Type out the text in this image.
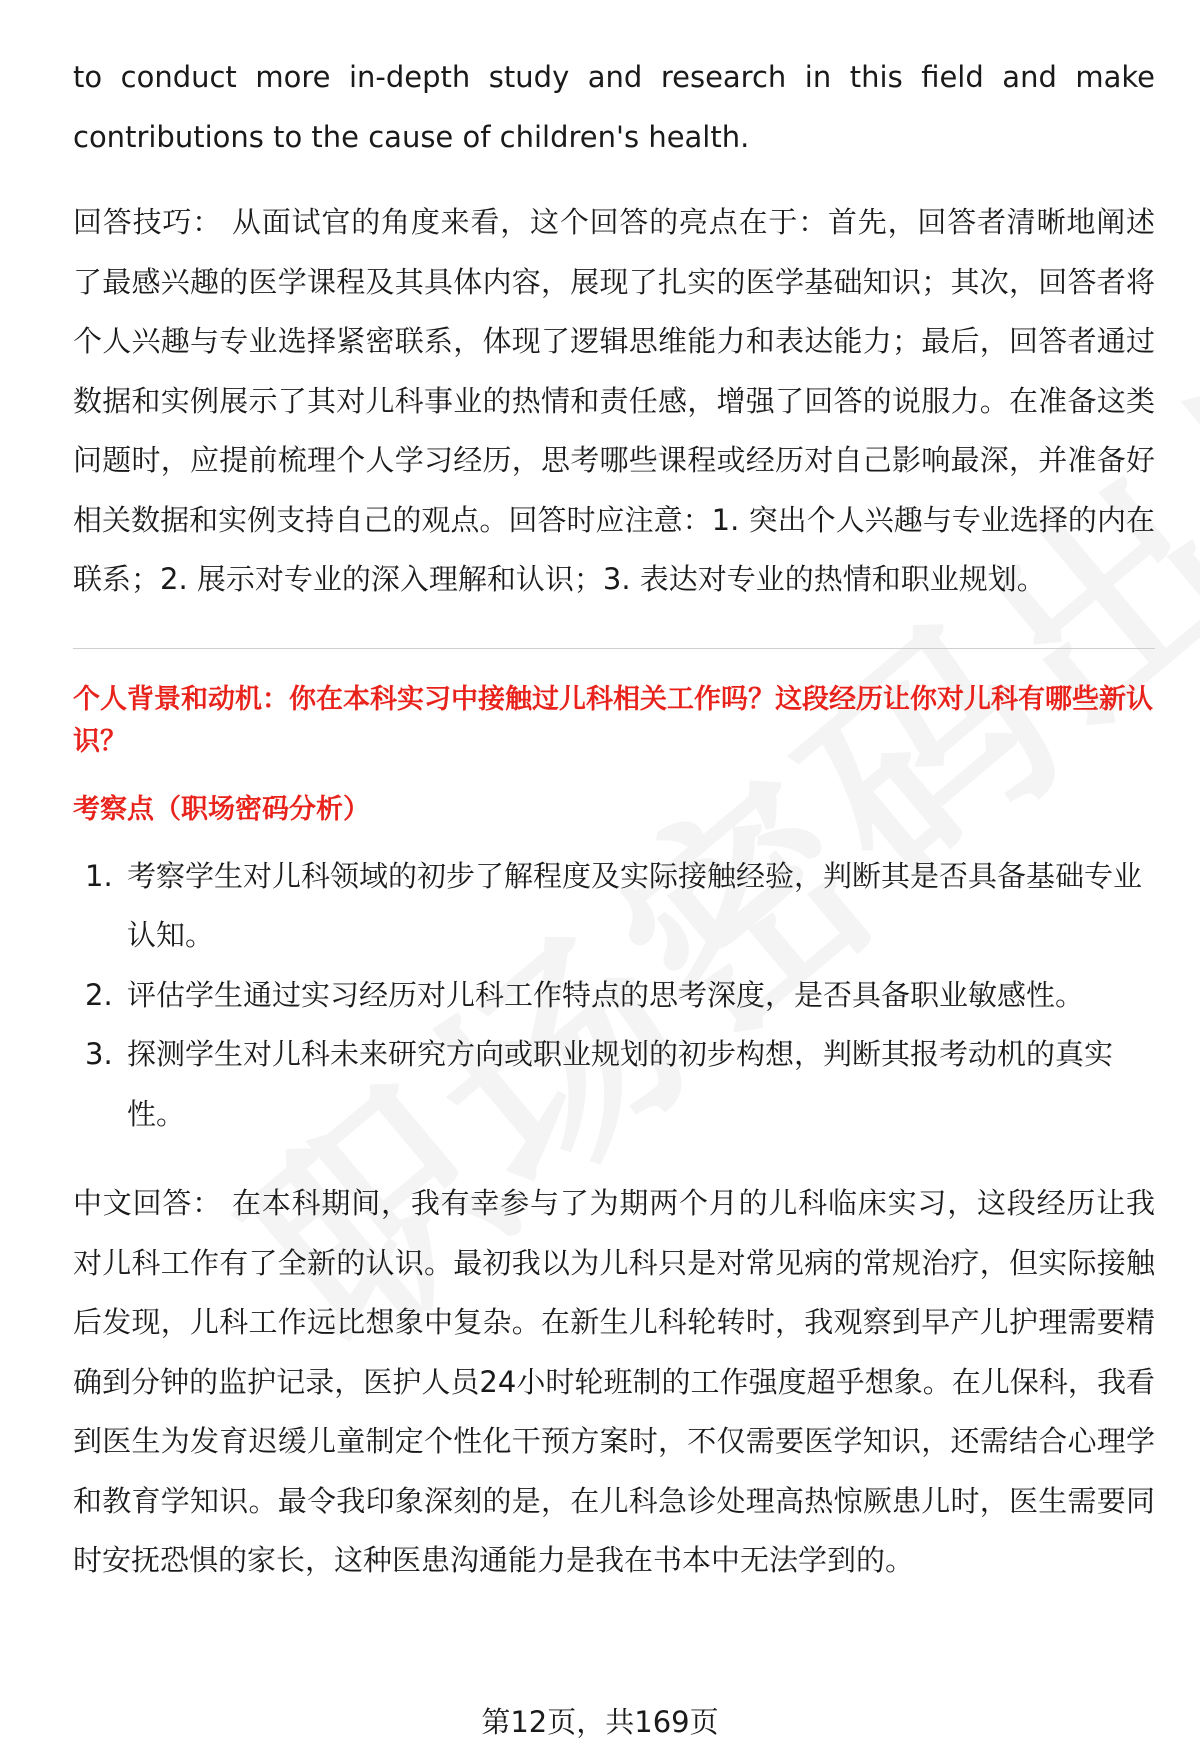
to conduct more in-depth study and research in this field and make contributions to the cause of children's health.

回答技巧： 从面试官的角度来看，这个回答的亮点在于：首先，回答者清晰地阐述了最感兴趣的医学课程及其具体内容，展现了扎实的医学基础知识；其次，回答者将个人兴趣与专业选择紧密联系，体现了逻辑思维能力和表达能力；最后，回答者通过数据和实例展示了其对儿科事业的热情和责任感，增强了回答的说服力。在准备这类问题时，应提前梳理个人学习经历，思考哪些课程或经历对自己影响最深，并准备好相关数据和实例支持自己的观点。回答时应注意：1. 突出个人兴趣与专业选择的内在联系；2. 展示对专业的深入理解和认识；3. 表达对专业的热情和职业规划。

个人背景和动机：你在本科实习中接触过儿科相关工作吗？这段经历让你对儿科有哪些新认识？

考察点（职场密码分析）

1. 考察学生对儿科领域的初步了解程度及实际接触经验，判断其是否具备基础专业认知。
2. 评估学生通过实习经历对儿科工作特点的思考深度，是否具备职业敏感性。
3. 探测学生对儿科未来研究方向或职业规划的初步构想，判断其报考动机的真实性。

中文回答： 在本科期间，我有幸参与了为期两个月的儿科临床实习，这段经历让我对儿科工作有了全新的认识。最初我以为儿科只是对常见病的常规治疗，但实际接触后发现，儿科工作远比想象中复杂。在新生儿科轮转时，我观察到早产儿护理需要精确到分钟的监护记录，医护人员24小时轮班制的工作强度超乎想象。在儿保科，我看到医生为发育迟缓儿童制定个性化干预方案时，不仅需要医学知识，还需结合心理学和教育学知识。最令我印象深刻的是，在儿科急诊处理高热惊厥患儿时，医生需要同时安抚恐惧的家长，这种医患沟通能力是我在书本中无法学到的。

第12页，共169页
